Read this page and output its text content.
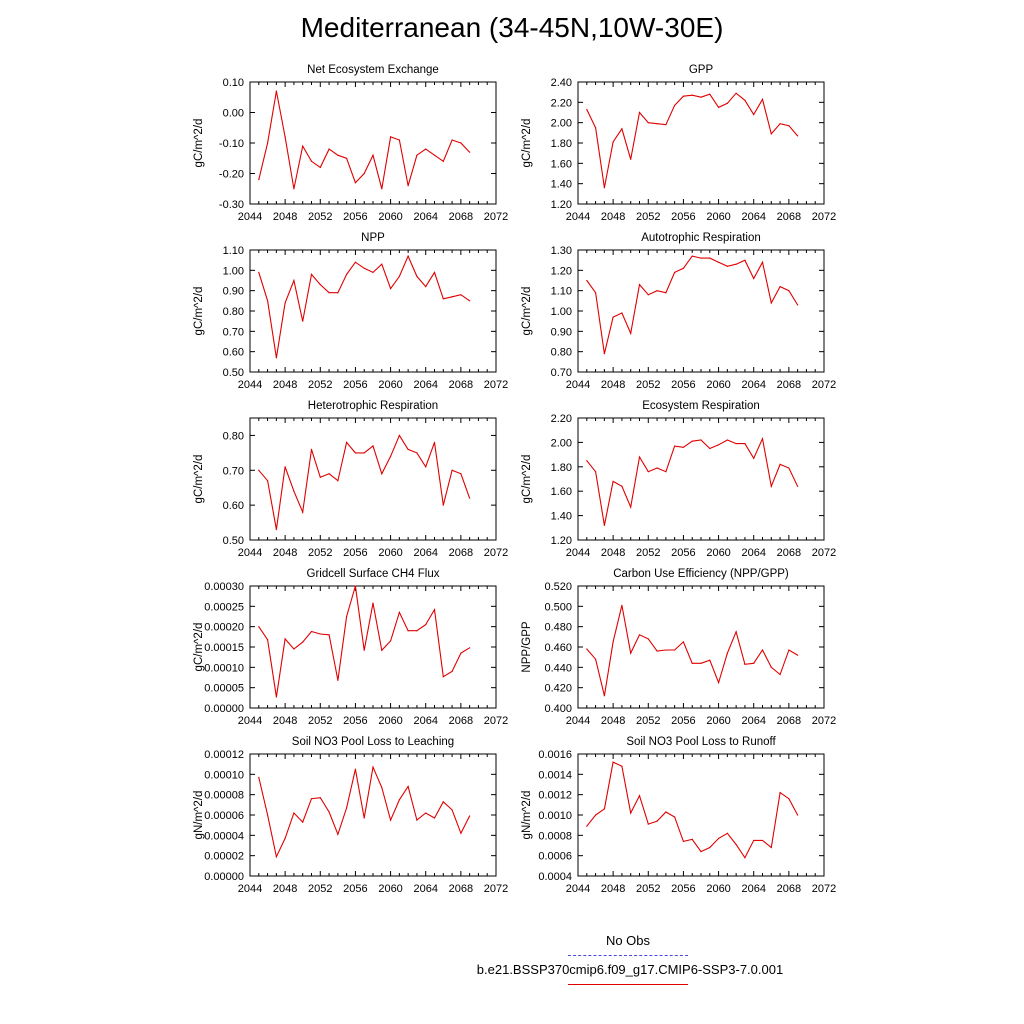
Mediterranean (34-45N,10W-30E)
Net Ecosystem Exchange
gC/m^2/d
2044 2048 2052 2056 2060 2064 2068 2072
0.10
0.00
-0.10
-0.20
-0.30
GPP
gC/m^2/d
2044 2048 2052 2056 2060 2064 2068 2072
2.40
2.20
2.00
1.80
1.60
1.40
1.20
NPP
gC/m^2/d
2044 2048 2052 2056 2060 2064 2068 2072
1.10
1.00
0.90
0.80
0.70
0.60
0.50
Autotrophic Respiration
gC/m^2/d
2044 2048 2052 2056 2060 2064 2068 2072
1.30
1.20
1.10
1.00
0.90
0.80
0.70
Heterotrophic Respiration
gC/m^2/d
2044 2048 2052 2056 2060 2064 2068 2072
0.80
0.70
0.60
0.50
Ecosystem Respiration
gC/m^2/d
2044 2048 2052 2056 2060 2064 2068 2072
2.20
2.00
1.80
1.60
1.40
1.20
Gridcell Surface CH4 Flux
gC/m^2/d
2044 2048 2052 2056 2060 2064 2068 2072
0.00030
0.00025
0.00020
0.00015
0.00010
0.00005
0.00000
Carbon Use Efficiency (NPP/GPP)
NPP/GPP
2044 2048 2052 2056 2060 2064 2068 2072
0.520
0.500
0.480
0.460
0.440
0.420
0.400
Soil NO3 Pool Loss to Leaching
gN/m^2/d
2044 2048 2052 2056 2060 2064 2068 2072
0.00012
0.00010
0.00008
0.00006
0.00004
0.00002
0.00000
Soil NO3 Pool Loss to Runoff
gN/m^2/d
2044 2048 2052 2056 2060 2064 2068 2072
0.0016
0.0014
0.0012
0.0010
0.0008
0.0006
0.0004
No Obs
b.e21.BSSP370cmip6.f09_g17.CMIP6-SSP3-7.0.001
